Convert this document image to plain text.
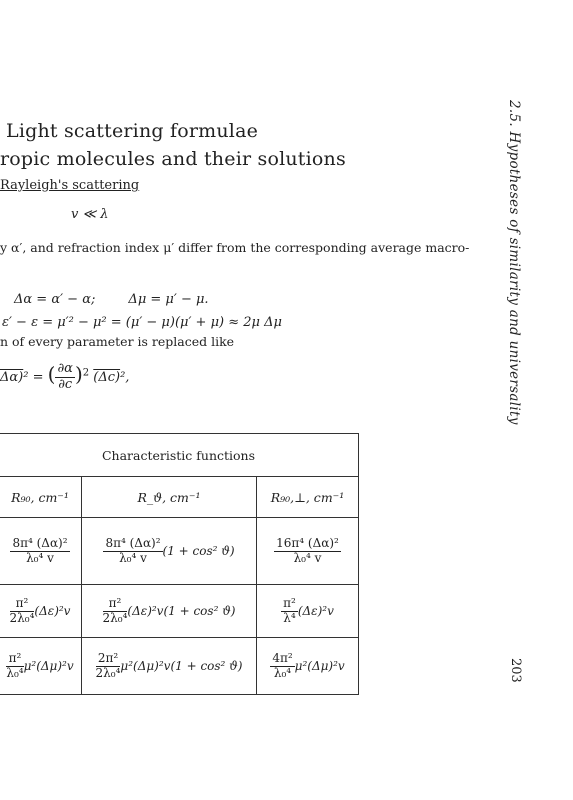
Light scattering formulae
ropic molecules and their solutions
Rayleigh's scattering
v ≪ λ
y α′, and refraction index μ′ differ from the corresponding average macro-
Δα = α′ − α;        Δμ = μ′ − μ.
ε′ − ε = μ′² − μ² = (μ′ − μ)(μ′ + μ) ≈ 2μ Δμ
n of every parameter is replaced like
Δα)² = ( $\frac{\partial\alpha}{\partial c} )^2$ (Δc)²,
Characteristic functions		
R₉₀, cm⁻¹	R_ϑ, cm⁻¹	R₉₀,⊥, cm⁻¹

$\frac{\text{8π⁴ (Δα)²}}{\text{λ₀⁴ v}}$	$\frac{\text{8π⁴ (Δα)²}}{\text{λ₀⁴ v}} (1 + \cos^2$ ϑ)	$\frac{\text{16π⁴ (Δα)²}}{\text{λ₀⁴ v}}$

$\frac{\text{π²}}{\text{2λ₀⁴}} (\Delta\varepsilon)^2v$	$\frac{\text{π²}}{\text{2λ₀⁴}} (\Delta\varepsilon)^2v(1 + \cos^2$ ϑ)	$\frac{\text{π²}}{\text{λ⁴}} (\Delta\varepsilon)^2v$

$\frac{\text{π²}}{\text{λ₀⁴}} \mu^2(\Delta\mu)^2v$	$\frac{\text{2π²}}{\text{2λ₀⁴}} \mu^2(\Delta\mu)^2v(1 + \cos^2$ ϑ)	$\frac{\text{4π²}}{\text{λ₀⁴}} \mu^2(\Delta\mu)^2v$
2.5. Hypotheses of similarity and universality
203
